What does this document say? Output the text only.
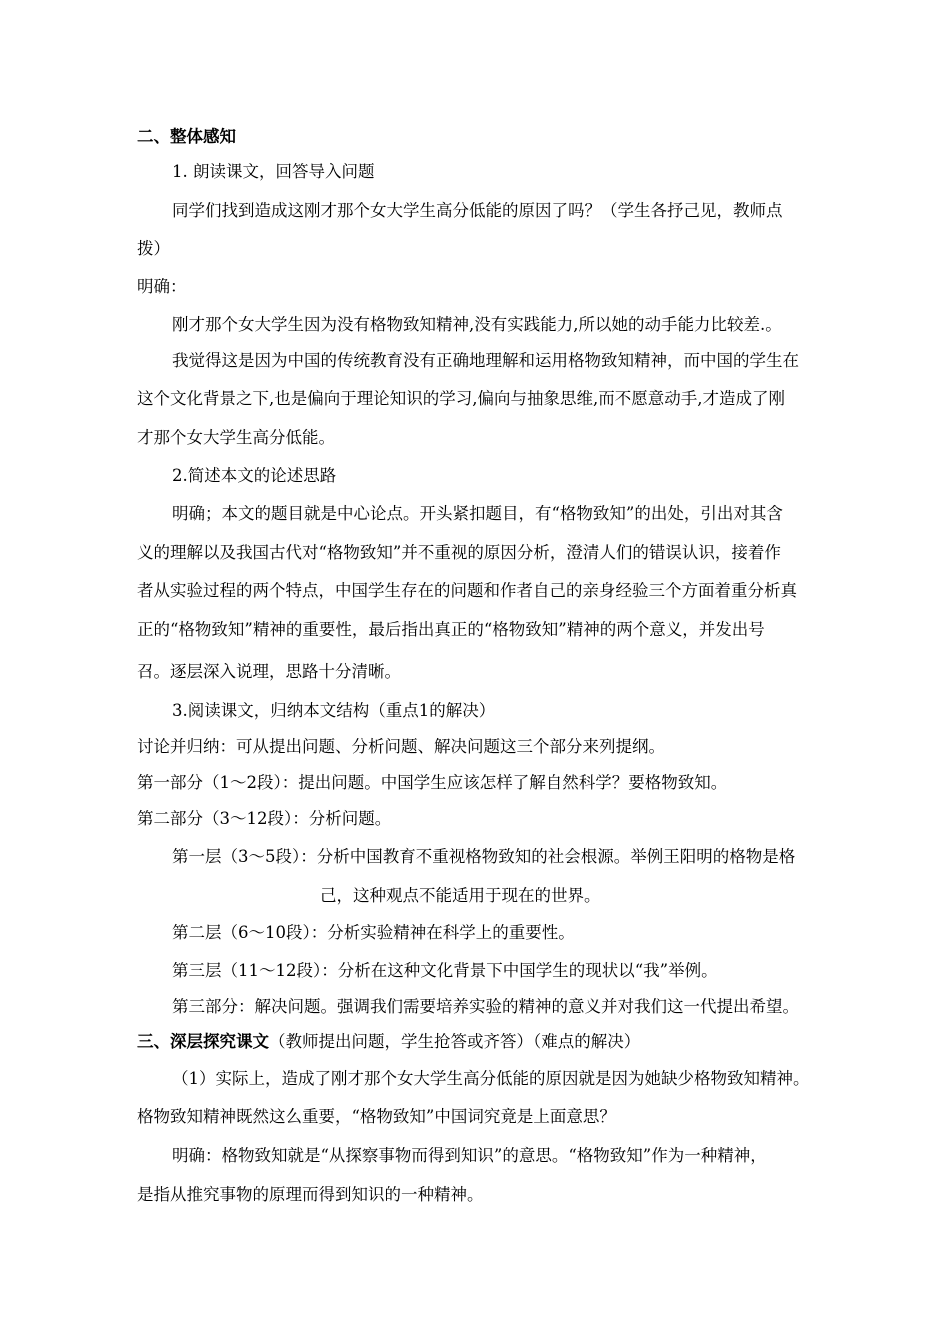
二、整体感知
1. 朗读课文，回答导入问题
同学们找到造成这刚才那个女大学生高分低能的原因了吗？（学生各抒己见，教师点
拨）
明确：
刚才那个女大学生因为没有格物致知精神,没有实践能力,所以她的动手能力比较差.。
我觉得这是因为中国的传统教育没有正确地理解和运用格物致知精神，而中国的学生在
这个文化背景之下,也是偏向于理论知识的学习,偏向与抽象思维,而不愿意动手,才造成了刚
才那个女大学生高分低能。
2.简述本文的论述思路
明确；本文的题目就是中心论点。开头紧扣题目，有“格物致知”的出处，引出对其含
义的理解以及我国古代对“格物致知”并不重视的原因分析，澄清人们的错误认识，接着作
者从实验过程的两个特点，中国学生存在的问题和作者自己的亲身经验三个方面着重分析真
正的“格物致知”精神的重要性，最后指出真正的“格物致知”精神的两个意义，并发出号
召。逐层深入说理，思路十分清晰。
3.阅读课文，归纳本文结构（重点1的解决）
讨论并归纳：可从提出问题、分析问题、解决问题这三个部分来列提纲。
第一部分（1～2段）：提出问题。中国学生应该怎样了解自然科学？要格物致知。
第二部分（3～12段）：分析问题。
第一层（3～5段）：分析中国教育不重视格物致知的社会根源。举例王阳明的格物是格
己，这种观点不能适用于现在的世界。
第二层（6～10段）：分析实验精神在科学上的重要性。
第三层（11～12段）：分析在这种文化背景下中国学生的现状以“我”举例。
第三部分：解决问题。强调我们需要培养实验的精神的意义并对我们这一代提出希望。
三、深层探究课文（教师提出问题，学生抢答或齐答）（难点的解决）
（1）实际上，造成了刚才那个女大学生高分低能的原因就是因为她缺少格物致知精神。
格物致知精神既然这么重要，“格物致知”中国词究竟是上面意思？
明确：格物致知就是“从探察事物而得到知识”的意思。“格物致知”作为一种精神，
是指从推究事物的原理而得到知识的一种精神。
